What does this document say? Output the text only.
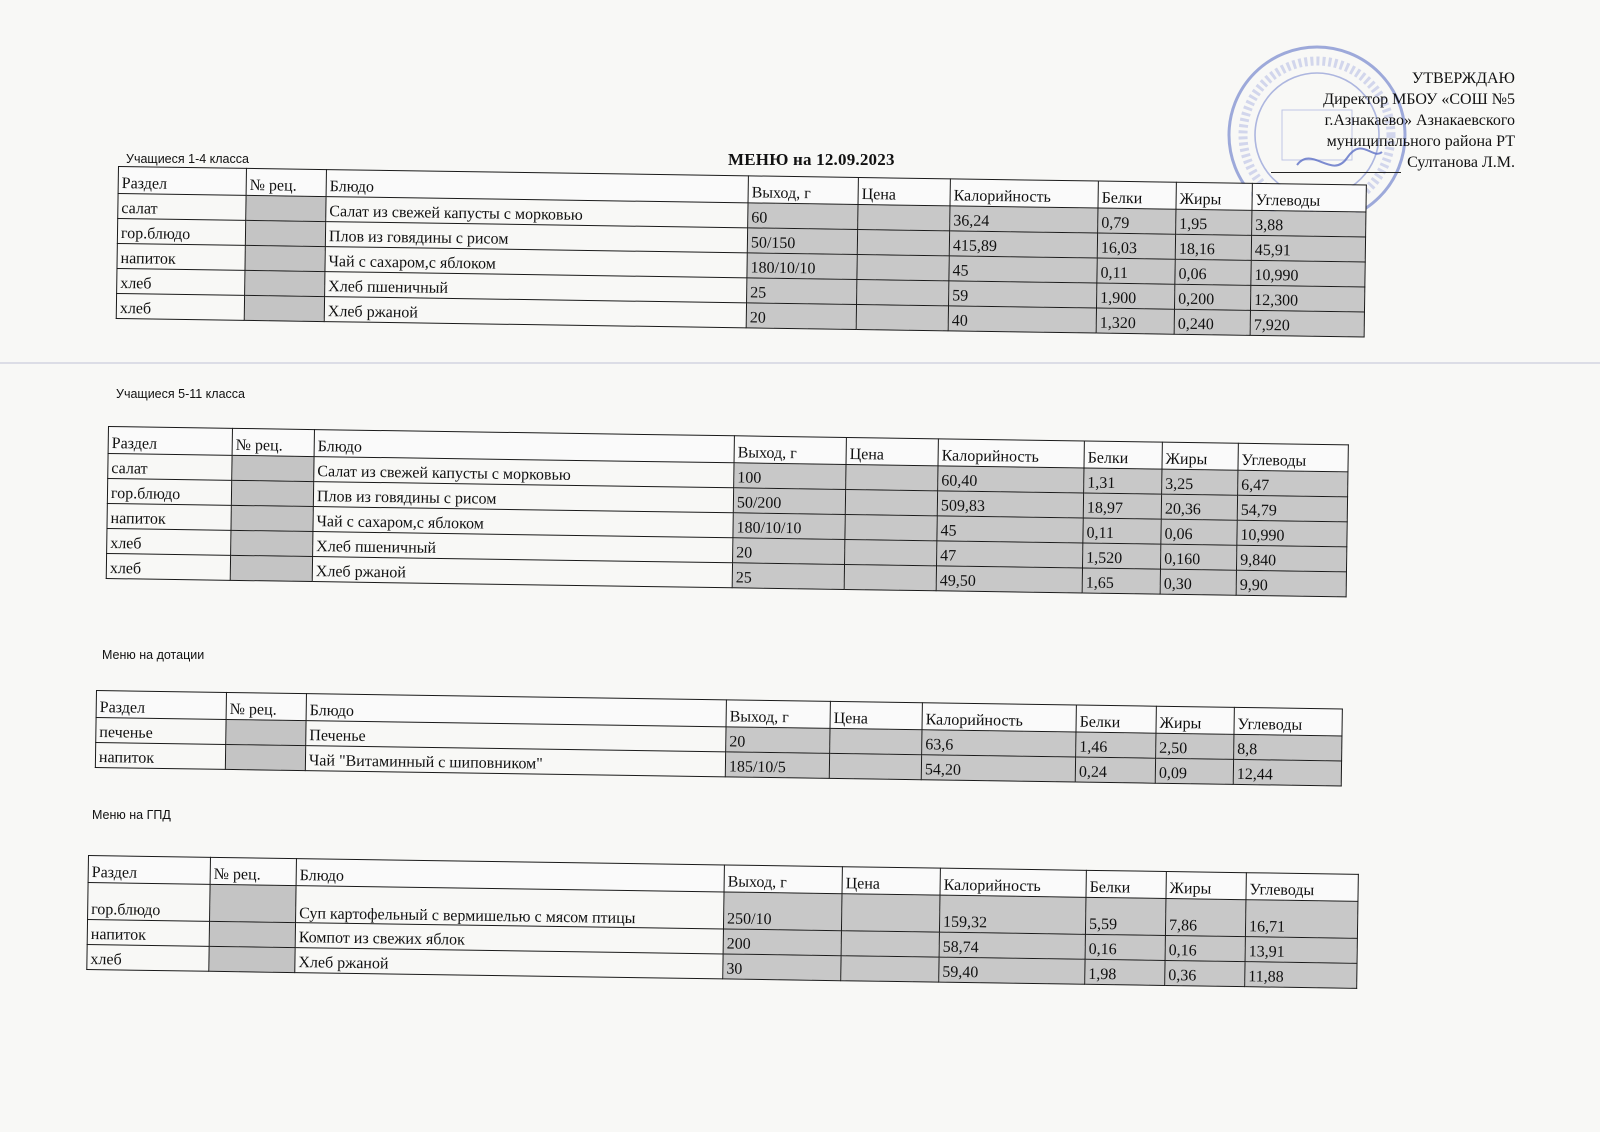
УТВЕРЖДАЮ
Директор МБОУ «СОШ №5
г.Азнакаево» Азнакаевского
муниципального района РТ
Султанова Л.М.
МЕНЮ на 12.09.2023
Учащиеся 1-4 класса
Раздел	№ рец.	Блюдо	Выход, г	Цена	Калорийность	Белки	Жиры	Углеводы
салат		Салат из свежей капусты с морковью	60		36,24	0,79	1,95	3,88
гор.блюдо		Плов из говядины с рисом	50/150		415,89	16,03	18,16	45,91
напиток		Чай с сахаром,с яблоком	180/10/10		45	0,11	0,06	10,990
хлеб		Хлеб пшеничный	25		59	1,900	0,200	12,300
хлеб		Хлеб ржаной	20		40	1,320	0,240	7,920
Учащиеся 5-11 класса
Раздел	№ рец.	Блюдо	Выход, г	Цена	Калорийность	Белки	Жиры	Углеводы
салат		Салат из свежей капусты с морковью	100		60,40	1,31	3,25	6,47
гор.блюдо		Плов из говядины с рисом	50/200		509,83	18,97	20,36	54,79
напиток		Чай с сахаром,с яблоком	180/10/10		45	0,11	0,06	10,990
хлеб		Хлеб пшеничный	20		47	1,520	0,160	9,840
хлеб		Хлеб ржаной	25		49,50	1,65	0,30	9,90
Меню на дотации
Раздел	№ рец.	Блюдо	Выход, г	Цена	Калорийность	Белки	Жиры	Углеводы
печенье		Печенье	20		63,6	1,46	2,50	8,8
напиток		Чай "Витаминный с шиповником"	185/10/5		54,20	0,24	0,09	12,44
Меню на ГПД
Раздел	№ рец.	Блюдо	Выход, г	Цена	Калорийность	Белки	Жиры	Углеводы
гор.блюдо		Суп картофельный с вермишелью с мясом птицы	250/10		159,32	5,59	7,86	16,71
напиток		Компот из свежих яблок	200		58,74	0,16	0,16	13,91
хлеб		Хлеб ржаной	30		59,40	1,98	0,36	11,88
